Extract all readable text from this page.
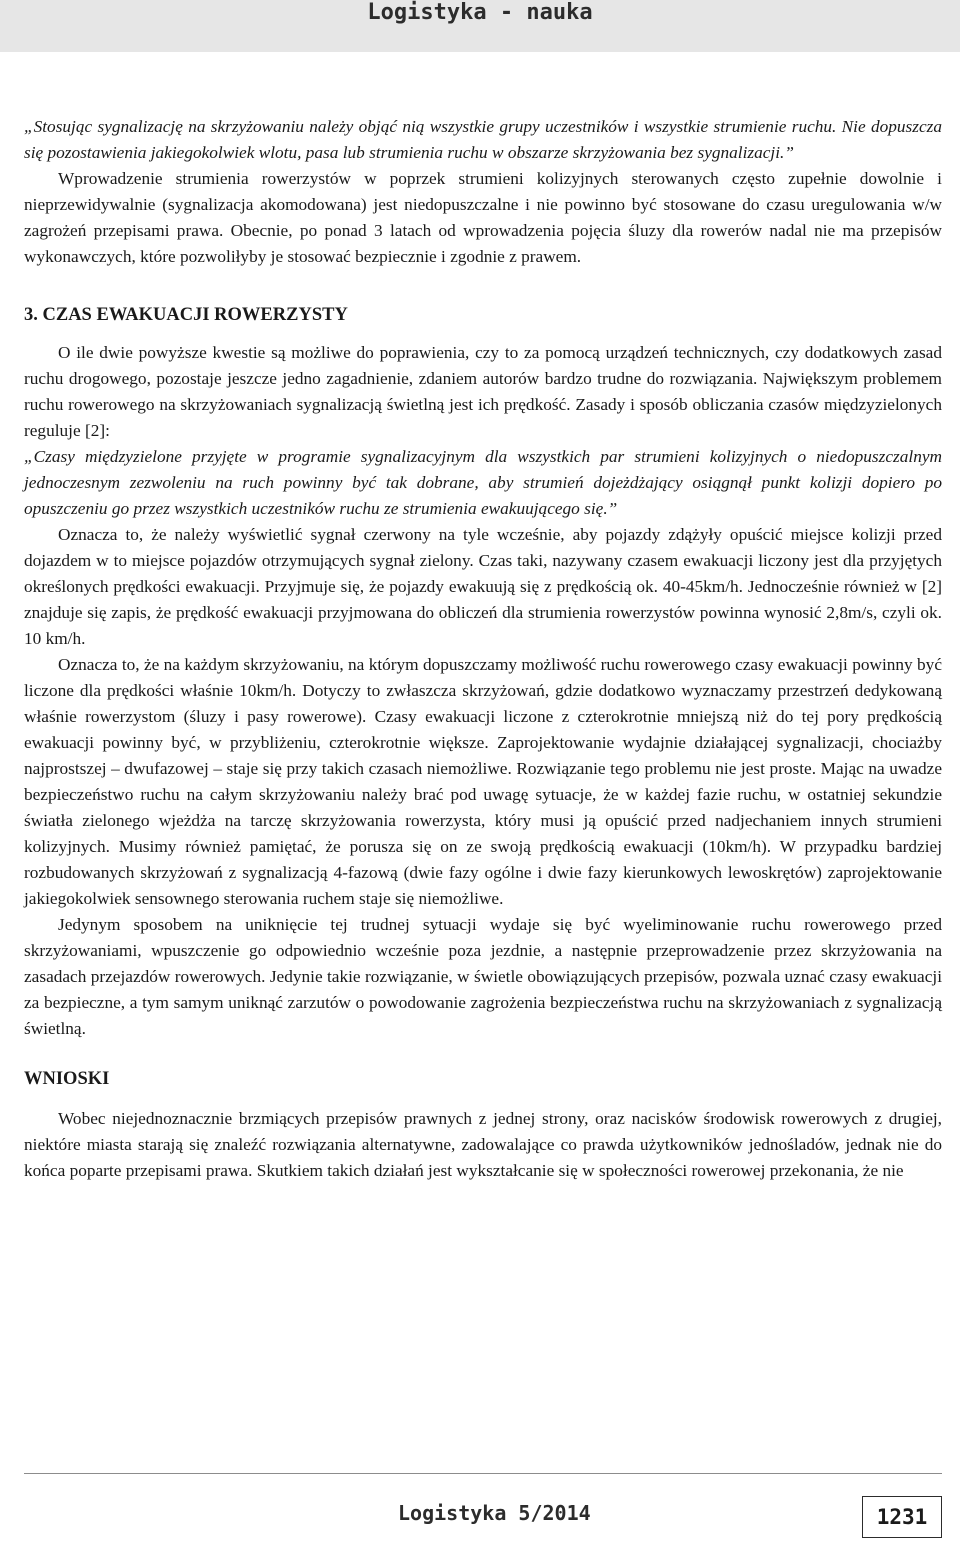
Logistyka - nauka

„Stosując sygnalizację na skrzyżowaniu należy objąć nią wszystkie grupy uczestników i wszystkie strumienie ruchu. Nie dopuszcza się pozostawienia jakiegokolwiek wlotu, pasa lub strumienia ruchu w obszarze skrzyżowania bez sygnalizacji.”

Wprowadzenie strumienia rowerzystów w poprzek strumieni kolizyjnych sterowanych często zupełnie dowolnie i nieprzewidywalnie (sygnalizacja akomodowana) jest niedopuszczalne i nie powinno być stosowane do czasu uregulowania w/w zagrożeń przepisami prawa. Obecnie, po ponad 3 latach od wprowadzenia pojęcia śluzy dla rowerów nadal nie ma przepisów wykonawczych, które pozwoliłyby je stosować bezpiecznie i zgodnie z prawem.

3. CZAS EWAKUACJI ROWERZYSTY

O ile dwie powyższe kwestie są możliwe do poprawienia, czy to za pomocą urządzeń technicznych, czy dodatkowych zasad ruchu drogowego, pozostaje jeszcze jedno zagadnienie, zdaniem autorów bardzo trudne do rozwiązania. Największym problemem ruchu rowerowego na skrzyżowaniach sygnalizacją świetlną jest ich prędkość. Zasady i sposób obliczania czasów międzyzielonych reguluje [2]:

„Czasy międzyzielone przyjęte w programie sygnalizacyjnym dla wszystkich par strumieni kolizyjnych o niedopuszczalnym jednoczesnym zezwoleniu na ruch powinny być tak dobrane, aby strumień dojeżdżający osiągnął punkt kolizji dopiero po opuszczeniu go przez wszystkich uczestników ruchu ze strumienia ewakuującego się.”

Oznacza to, że należy wyświetlić sygnał czerwony na tyle wcześnie, aby pojazdy zdążyły opuścić miejsce kolizji przed dojazdem w to miejsce pojazdów otrzymujących sygnał zielony. Czas taki, nazywany czasem ewakuacji liczony jest dla przyjętych określonych prędkości ewakuacji. Przyjmuje się, że pojazdy ewakuują się z prędkością ok. 40-45km/h. Jednocześnie również w [2] znajduje się zapis, że prędkość ewakuacji przyjmowana do obliczeń dla strumienia rowerzystów powinna wynosić 2,8m/s, czyli ok. 10 km/h.

Oznacza to, że na każdym skrzyżowaniu, na którym dopuszczamy możliwość ruchu rowerowego czasy ewakuacji powinny być liczone dla prędkości właśnie 10km/h. Dotyczy to zwłaszcza skrzyżowań, gdzie dodatkowo wyznaczamy przestrzeń dedykowaną właśnie rowerzystom (śluzy i pasy rowerowe). Czasy ewakuacji liczone z czterokrotnie mniejszą niż do tej pory prędkością ewakuacji powinny być, w przybliżeniu, czterokrotnie większe. Zaprojektowanie wydajnie działającej sygnalizacji, chociażby najprostszej – dwufazowej – staje się przy takich czasach niemożliwe. Rozwiązanie tego problemu nie jest proste. Mając na uwadze bezpieczeństwo ruchu na całym skrzyżowaniu należy brać pod uwagę sytuacje, że w każdej fazie ruchu, w ostatniej sekundzie światła zielonego wjeżdża na tarczę skrzyżowania rowerzysta, który musi ją opuścić przed nadjechaniem innych strumieni kolizyjnych. Musimy również pamiętać, że porusza się on ze swoją prędkością ewakuacji (10km/h). W przypadku bardziej rozbudowanych skrzyżowań z sygnalizacją 4-fazową (dwie fazy ogólne i dwie fazy kierunkowych lewoskrętów) zaprojektowanie jakiegokolwiek sensownego sterowania ruchem staje się niemożliwe.

Jedynym sposobem na uniknięcie tej trudnej sytuacji wydaje się być wyeliminowanie ruchu rowerowego przed skrzyżowaniami, wpuszczenie go odpowiednio wcześnie poza jezdnie, a następnie przeprowadzenie przez skrzyżowania na zasadach przejazdów rowerowych. Jedynie takie rozwiązanie, w świetle obowiązujących przepisów, pozwala uznać czasy ewakuacji za bezpieczne, a tym samym uniknąć zarzutów o powodowanie zagrożenia bezpieczeństwa ruchu na skrzyżowaniach z sygnalizacją świetlną.

WNIOSKI

Wobec niejednoznacznie brzmiących przepisów prawnych z jednej strony, oraz nacisków środowisk rowerowych z drugiej, niektóre miasta starają się znaleźć rozwiązania alternatywne, zadowalające co prawda użytkowników jednośladów, jednak nie do końca poparte przepisami prawa. Skutkiem takich działań jest wykształcanie się w społeczności rowerowej przekonania, że nie

Logistyka 5/2014	1231
